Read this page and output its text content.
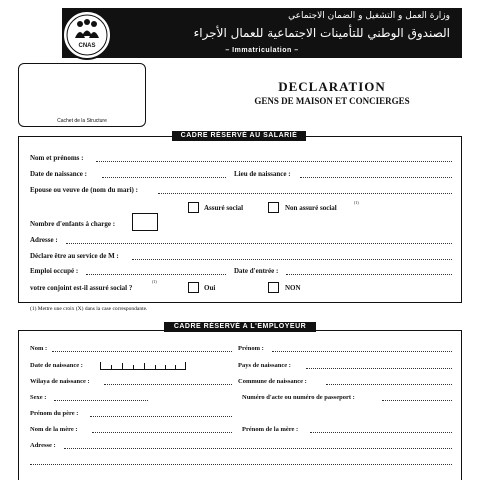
CNAS
وزارة العمل و التشغيل و الضمان الاجتماعي
الصندوق الوطني للتأمينات الاجتماعية للعمال الأجراء
– Immatriculation –
Cachet de la Structure
DECLARATION
GENS DE MAISON ET CONCIERGES
CADRE RÉSERVÉ AU SALARIÉ
Nom et prénoms :
Date de naissance :	Lieu de naissance :
Epouse ou veuve de (nom du mari) :
Assuré social	Non assuré social
(1)
Nombre d'enfants à charge :
Adresse :
Déclare être au service de M :
Emploi occupé :	Date d'entrée :
votre conjoint est-il assuré social ?
(1)
Oui	NON
(1) Mettre une croix (X) dans la case correspondante.
CADRE RÉSERVÉ A L'EMPLOYEUR
Nom :	Prénom :
Date de naissance :	Pays de naissance :
Wilaya de naissance :	Commune de naissance :
Sexe :	Numéro d'acte ou numéro de passeport :
Prénom du père :
Nom de la mère :	Prénom de la mère :
Adresse :
